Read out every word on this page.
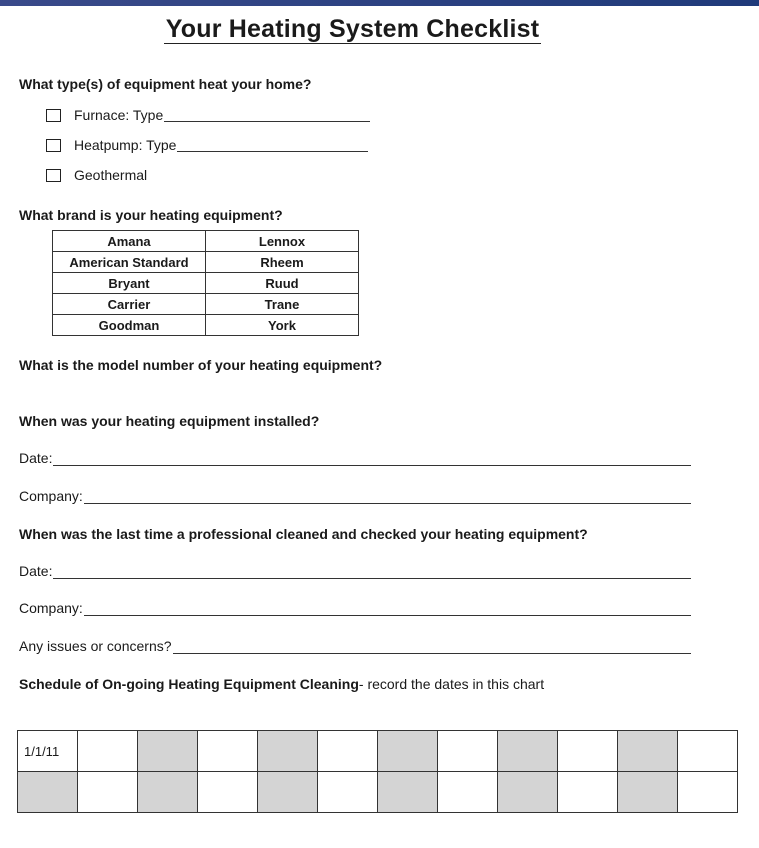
Your Heating System Checklist
What type(s) of equipment heat your home?
Furnace: Type
Heatpump: Type
Geothermal
What brand is your heating equipment?
Amana	Lennox
American Standard	Rheem
Bryant	Ruud
Carrier	Trane
Goodman	York
What is the model number of your heating equipment?
When was your heating equipment installed?
Date:
Company:
When was the last time a professional cleaned and checked your heating equipment?
Date:
Company:
Any issues or concerns?
Schedule of On-going Heating Equipment Cleaning- record the dates in this chart
1/1/11											
